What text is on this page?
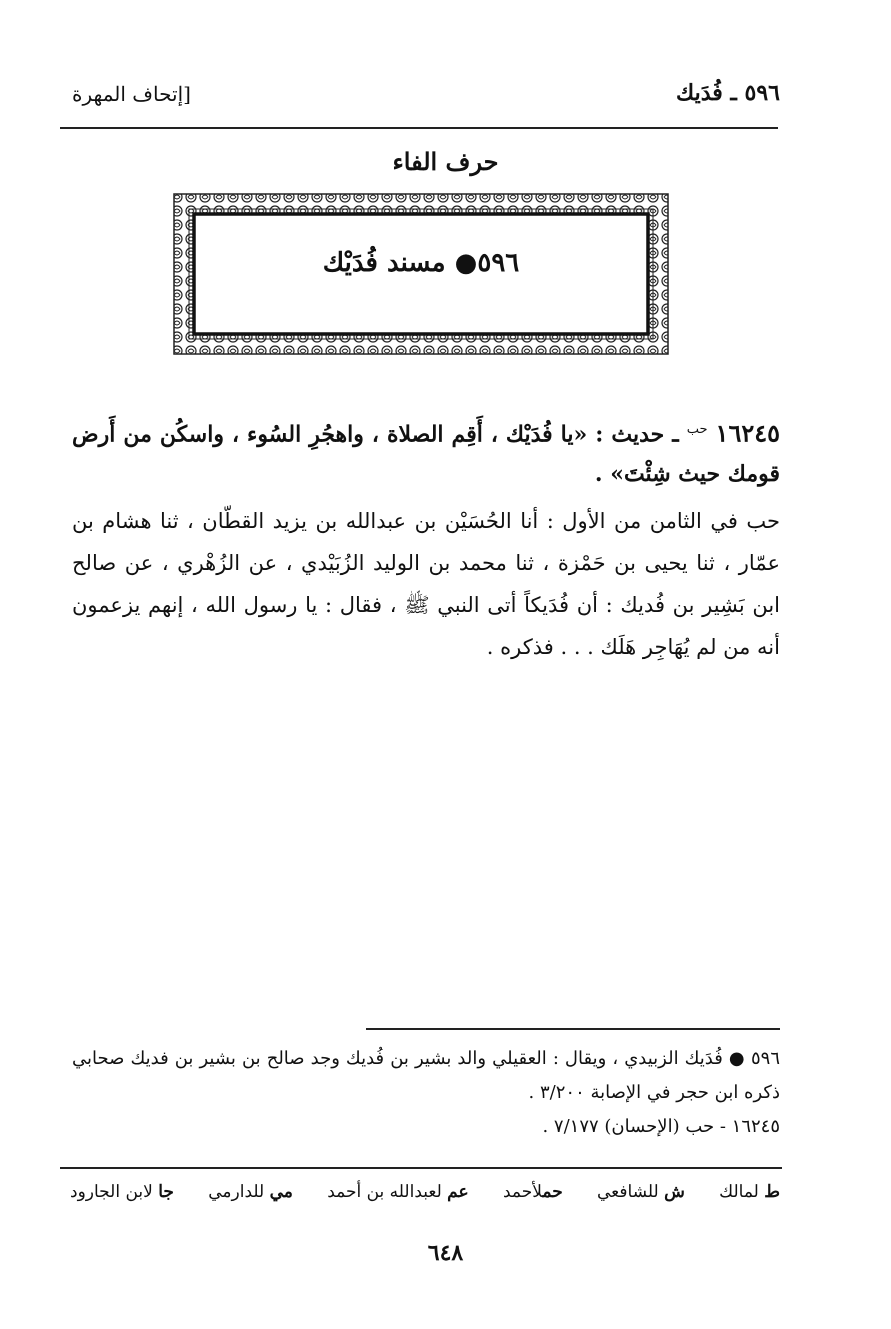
٥٩٦ ـ فُدَيك
[إتحاف المهرة
حرف الفاء
٥٩٦● مسند فُدَيْك
١٦٢٤٥ $^{حب}$ ـ حديث : «يا فُدَيْك ، أَقِم الصلاة ، واهجُرِ السُوء ، واسكُن من أَرض قومك حيث شِئْتَ» .
حب في الثامن من الأول : أنا الحُسَيْن بن عبدالله بن يزيد القطّان ، ثنا هشام بن عمّار ، ثنا يحيى بن حَمْزة ، ثنا محمد بن الوليد الزُبَيْدي ، عن الزُهْري ، عن صالح ابن بَشِير بن فُديك : أن فُدَيكاً أتى النبي ﷺ ، فقال : يا رسول الله ، إنهم يزعمون أنه من لم يُهَاجِر هَلَك . . . فذكره .

٥٩٦ ● فُدَيك الزبيدي ، ويقال : العقيلي والد بشير بن فُديك وجد صالح بن بشير بن فديك صحابي ذكره ابن حجر في الإصابة ٣/٢٠٠ .

١٦٢٤٥ - حب (الإحسان) ٧/١٧٧ .

ط لمالك
ش للشافعي
حملأحمد
عم لعبدالله بن أحمد
مي للدارمي
جا لابن الجارود
٦٤٨
